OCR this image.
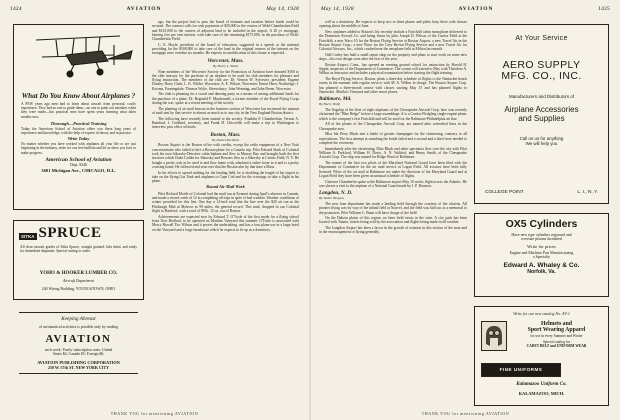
1424	AVIATION	May 14, 1928
What Do You Know About Airplanes ?
A FEW years ago men had to learn about aircraft from personal, costly experience. They had no one to guide them—no one to point out mistakes when they were made—but practical men have spent years learning what takes months now.
Thorough—Practical Training
Today the American School of Aviation offers you these long years of experience and knowledge, with the help of experts in theory and in practice.
Write Today
No matter whether you have worked with airplanes all your life or are just beginning in the industry, write for our free bulletin and let us show you how to make progress.
American School of Aviation
Dept. 8246
3601 Michigan Ave., CHICAGO, ILL.
SITKA SPRUCE
All clear aircraft grades of Sitka Spruce, straight grained, kiln dried, and ready for immediate shipment. Special cutting to order.
YOHO & HOOKER LUMBER CO.
Aircraft Department
240 Wiring Building, YOUNGSTOWN, OHIO
Keeping Abreast
of aeronautical activities is possible only by reading
AVIATION
each week. Yearly subscription rates: United
States $4; Canada $5; Foreign $6.
AVIATION PUBLISHING CORPORATION
250 W. 57th ST. NEW YORK CITY

ago, but the project had to pass the board of estimate and taxation before funds could be secured. The contract calls for cash payments of $50,000 to the owners of Wold-Chamberlain Field and $125,000 to the owners of adjacent land to be included in the airport. A 20 yr. mortgage, bearing five per cent interest, with take care of the remaining $175,000, in the purchase of Wold-Chamberlain Field.

C. E. Hoyle, president of the board of education, suggested in a speech at the national providing for the $500,000 to take care of the land in the original owners of the interest on the mortgage were overdue six months. He expects no modification of this clause is expected.

Worcester, Mass.
By Harry L. Wood

Nine members of the Worcester Society for the Promotion of Aviation have donated $100 to the club treasury for the purchase of an airplane to be used for club members for pleasure and flying instruction. The members of the club are: Dr. Vernon W. Sylvester, president; Eugene Donley, Harry Clark, L. K. Wilder, Worcester; A. E. Wilson, Worcester; Ernest Hern, Northridge; J. Koruna, Farmingdale; Thomas Wylie, Shrewsbury; John Wenning, and John Breen, Worcester.

The club is planning for a social and dancing party as a means of raising additional funds for the purchase of a plane. Dr. Reginald F. Macdonnell, a former member of the Royal Flying Corps during the war, spoke at a recent meeting of the society.

The planting of air mail beacon in the business section of Worcester has increased the amount of mail sent by that service to almost as much as to any city in the New England Boston district.

The following have recently been named to the society: Franklin F. Chamberlain, Vernon A. Bamford, J. Goddard, secretary, and Frank H. Chicoville will make a trip to Washington to interview post office officials.

Boston, Mass.
By Daniel Rochford

Boston Airport is the Boston office with credits, except the radio equipment of a New York concessionaire who failed to hire a Boston plane for a Canada trip. Pilot Edward Stark of Colonial took his own Sikorsky-Detroiter cabin biplane and flew to Murray Bay and brought back the first invoices which Duke Goldie for Sikorsky and Bostons flew in a Sikorsky at Curtiss Field, N. Y. He bought a pretty rock as he used to and flew home with, admitted a rather loose to it and is a pretty crossing home. He followed and sent over that the Boston also by that time a Mass.

In his efforts to spread nothing for the landing field, he is doubling the length of his airport to take on the flying Gas Tank and airplanes to Cape Cod and for the crossings to take a flight in his plane.

Round Air Mail Work

Pilot Richard Mottle of Colonial had the mail run at Kennett during April's absence in Canada, and made a record week of 14 in completing all trips in spite of bad weather. Weather conditions of winter prevailed for this line. One day a 14-inch total that the line over the $20 air run as the Pittsburgh Mail at Melrose as 99 miles, the general record. This mail, dropped in our Colonial flight to Hartford, with a total of 98 lb. 12 oz. out of Boston.

Achievements are expected now by Edward T. O'Toole of the first made for a flying school from New Bedford, to be operated on Marthas Vineyard this summer. O'Toole is associated with Morry Howell Tisc Wilson and it proves the undertaking, and has a four plane use in a large hotel on the Vineyard and a large farmhouse which he expects to fit up as a dormitory.

THANK YOU for mentioning AVIATION
May 14, 1928	AVIATION	1425

will as a dormitory. He expects to keep two or three planes and pilots busy there with classes opening about the middle of June.

New airplanes added to Boston's list recently include a Fairchild cabin monoplane delivered to the Dominion Aircraft Co. and being flown by pilot Joseph D. Wilson of the Curtiss Field at the Fairchild; a new Waco 10 for the Boston Flying Service at Boston Airport, a new Travel Air in the Boston Airport Corp.; a new Waco for the Grey Brown Flying Service and a new Travel Air for Colonial Airways, Inc., which crashed near the aeroplane field at Milton last month.

Odd Curley has built a small repair shop on the property and plans to start work on some new ships—his own design soon after the first of the year.

Boston Airport, Conn., has opened an evening ground school for instruction by Harold H. Sipple, inspector of the Department of Commerce. The course will extend to May with Theodore A. Wilbur as instructor and includes a physical examination before starting the flight training.

The Boyd Flying Service, Boston, plans a three-day schedule of flights to the Nantucket beach towns in the summer with regular service, with M. A. Wilbur in charge. The Boston Airport Corp. has planned a three-month course with classes starting May 15 and has planned flights to Nantucket, Martha's Vineyard and other resort places.

Baltimore, Md.
By Harry Wolfe

The flagship of the fleet of eight airplanes of the Chesapeake Aircraft Corp. here was recently christened the "Blue Ridge" before a large assemblage. It is a Curtiss-Fledgling single-engine plane, which is the company's first Fairchild and will be used for the Baltimore-Philadelphia air line.

All of the planes of the Chesapeake Aircraft Corp. are named after watershed lines in the Chesapeake area.

Miss Ida Perry Black met a battle of greater champagne for the christening, contrary to all expectations. The first attempt at smashing the bottle failed and a second and a third were needed to complete the ceremony.

Immediately after the christening, Miss Black and other spectators flew over the city with Pilot William A. Parkford, William H. Davis, A. N. Waldorf, and Henry Smith, of the Chesapeake Aircraft Corp. The ship was named for Ridge Ward of Baltimore.

The names of the first two pilots of the Maryland National Guard have been filed with the Department of Commerce for the air mail service at Logan Field. All aviators have been fully licensed. Pilots of the air mail at Baltimore are under the direction of the Maryland Guard and at Logan Field they have been given an unusual schedule of flights.

Clarence Chamberlin spoke at the Baltimore airport May 10 on his flight across the Atlantic. He was shown a visit to the airplane of a National Guard made by J. P. Dormon.

Langdon, N. D.
By Walter Burgess

The new loan department has made a landing field through the courtesy of the citizens. All pioneer flying was by way of the inland field at Nouvel, and the field was laid out as a memorial to the promoters. Pilot William C. Bunn will have charge of the field.

On the Dakota plains of this region, no finer field exists in the state. A city park has been located with Tanner, tickets being sold by the association and flights being made in all weather.

The Langdon Airport has been a factor in the growth of aviation in this section of the state and in the encouragement of flying generally.

At Your Service
AERO SUPPLY
MFG. CO., INC.
Manufacturers and Distributors of
Airplane Accessories
and Supplies
Call on us for anything
We will help you
COLLEGE POINT	L. I., N. Y.
OX5 Cylinders
Have new type cylinders reground and
oversize pistons furnished
Write for prices
Engine and Machine Part Manufacturing
a Specialty
Edward A. Whaley & Co.
Norfolk, Va.
Write for our new catalog No. AV-1
Helmets and
Sport Wearing Apparel
for use in every Summer and Winter
Special catalog for
CADET BELT and UNIFORM WEAR
FINE UNIFORMS
Kalamazoo Uniform Co.
KALAMAZOO, MICH.
THANK YOU for mentioning AVIATION
